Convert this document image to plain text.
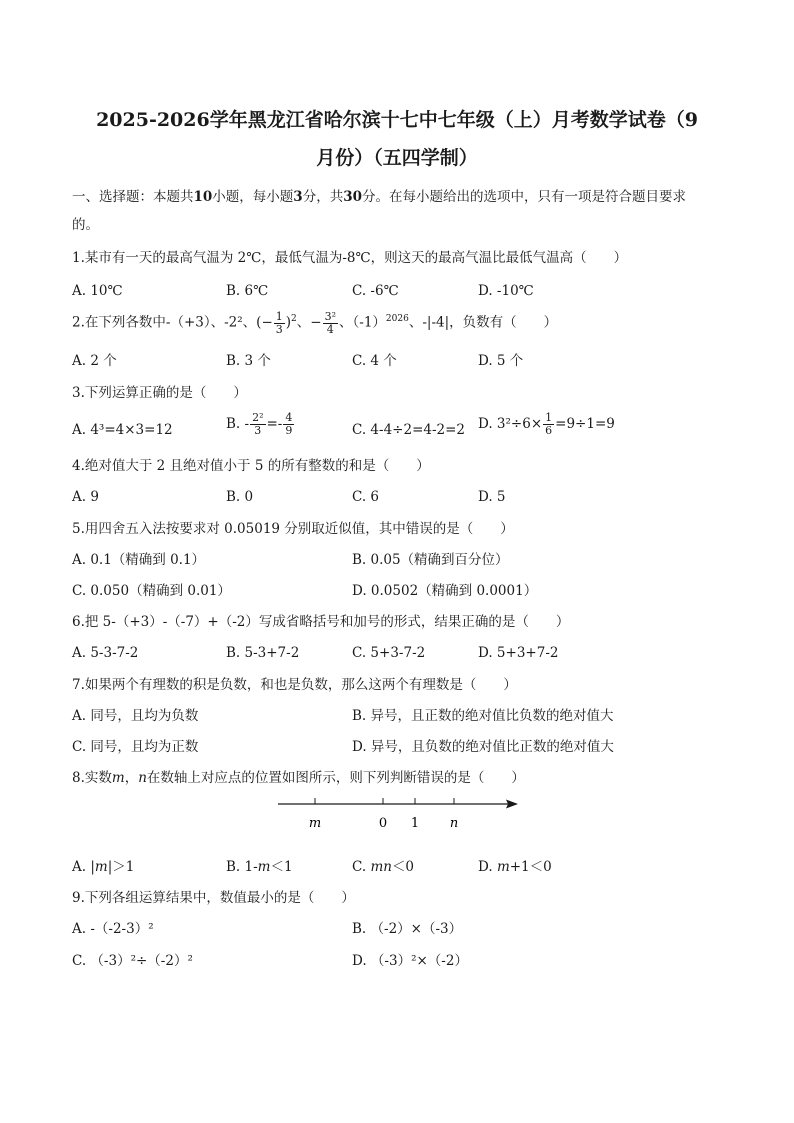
2025-2026学年黑龙江省哈尔滨十七中七年级（上）月考数学试卷（9
月份）（五四学制）
一、选择题：本题共10小题，每小题3分，共30分。在每小题给出的选项中，只有一项是符合题目要求
的。
1.某市有一天的最高气温为 2℃，最低气温为-8℃，则这天的最高气温比最低气温高（　　）
A. 10℃	B. 6℃	C. -6℃	D. -10℃
2.在下列各数中-（+3）、-2²、(− $\frac{1}{3} )^2$、− $\frac{\text{3²}}{4}$ 、$(-1)^{2026}$、-|-4|，负数有（　　）
A. 2 个	B. 3 个	C. 4 个	D. 5 个
3.下列运算正确的是（　　）
A. 4³=4×3=12	B. - $\frac{\text{2²}}{3} =- \frac{4}{9}$	C. 4-4÷2=4-2=2 D. $3^2\div 6\times \frac{1}{6} =9\div 1=9$
4.绝对值大于 2 且绝对值小于 5 的所有整数的和是（　　）
A. 9	B. 0	C. 6	D. 5
5.用四舍五入法按要求对 0.05019 分别取近似值，其中错误的是（　　）
A. 0.1（精确到 0.1）	B. 0.05（精确到百分位）
C. 0.050（精确到 0.01）	D. 0.0502（精确到 0.0001）
6.把 5-（+3）-（-7）+（-2）写成省略括号和加号的形式，结果正确的是（　　）
A. 5-3-7-2	B. 5-3+7-2	C. 5+3-7-2	D. 5+3+7-2
7.如果两个有理数的积是负数，和也是负数，那么这两个有理数是（　　）
A. 同号，且均为负数	B. 异号，且正数的绝对值比负数的绝对值大
C. 同号，且均为正数	D. 异号，且负数的绝对值比正数的绝对值大
8.实数m，n在数轴上对应点的位置如图所示，则下列判断错误的是（　　）
m	0 1 n
A. |m|＞1	B. 1-m＜1	C. mn＜0	D. m+1＜0
9.下列各组运算结果中，数值最小的是（　　）
A. -（-2-3）²	B. （-2）×（-3）
C. （-3）²÷（-2）²	D. （-3）²×（-2）
